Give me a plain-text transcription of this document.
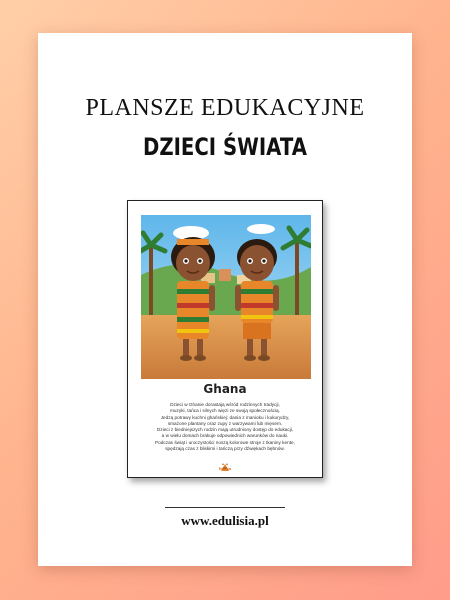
PLANSZE EDUKACYJNE
DZIECI ŚWIATA
Ghana

Dzieci w Ghanie dorastają wśród rodzinnych tradycji,

muzyki, tańca i silnych więzi ze swoją społecznością.

Jedzą potrawy kuchni ghańskiej: dania z manioku i kukurydzy,

smażone plantany oraz zupy z warzywami lub mięsem.

Dzieci z biedniejszych rodzin mają utrudniony dostęp do edukacji,

a w wielu domach brakuje odpowiednich warunków do nauki.

Podczas świąt i uroczystości noszą kolorowe stroje z tkaniny kente,

spędzają czas z bliskimi i tańczą przy dźwiękach bębnów.

Edulisia
www.edulisia.pl
